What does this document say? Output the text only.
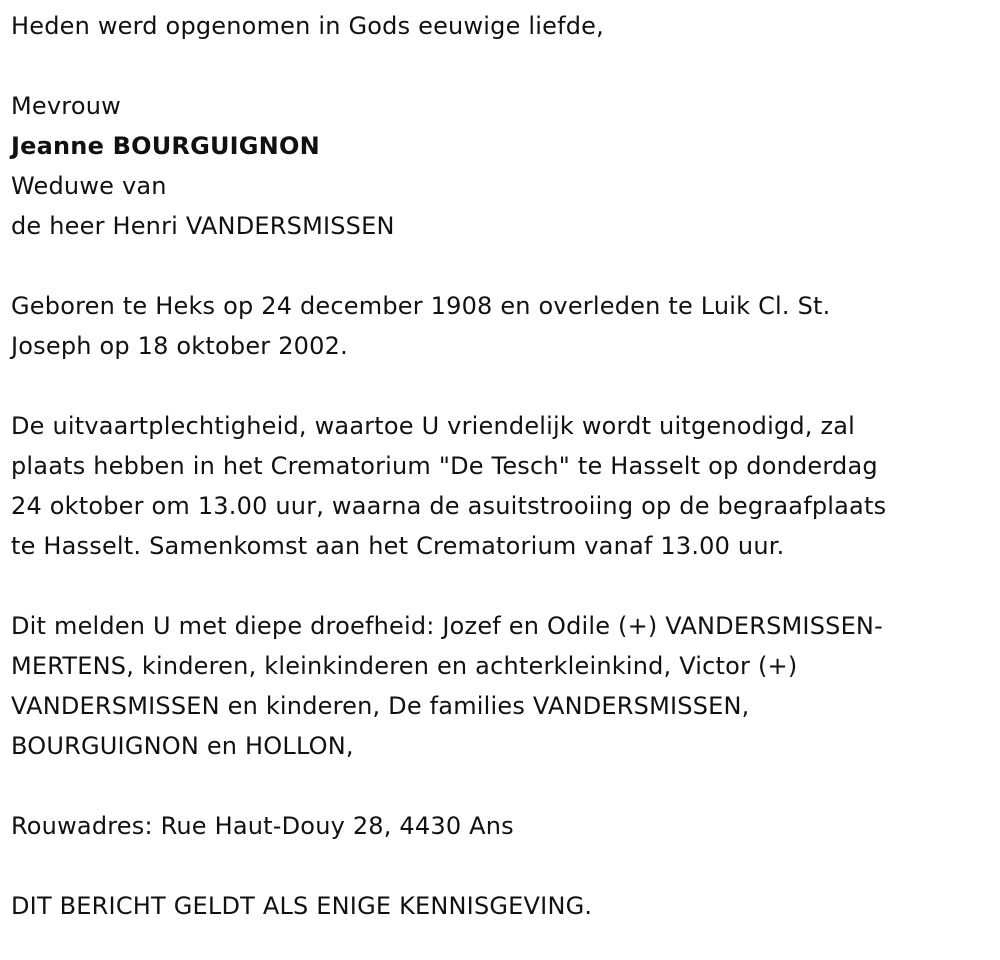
Heden werd opgenomen in Gods eeuwige liefde,
Mevrouw
Jeanne BOURGUIGNON
Weduwe van
de heer Henri VANDERSMISSEN
Geboren te Heks op 24 december 1908 en overleden te Luik Cl. St.
Joseph op 18 oktober 2002.
De uitvaartplechtigheid, waartoe U vriendelijk wordt uitgenodigd, zal
plaats hebben in het Crematorium "De Tesch" te Hasselt op donderdag
24 oktober om 13.00 uur, waarna de asuitstrooiing op de begraafplaats
te Hasselt. Samenkomst aan het Crematorium vanaf 13.00 uur.
Dit melden U met diepe droefheid: Jozef en Odile (+) VANDERSMISSEN-
MERTENS, kinderen, kleinkinderen en achterkleinkind, Victor (+)
VANDERSMISSEN en kinderen, De families VANDERSMISSEN,
BOURGUIGNON en HOLLON,
Rouwadres: Rue Haut-Douy 28, 4430 Ans
DIT BERICHT GELDT ALS ENIGE KENNISGEVING.
